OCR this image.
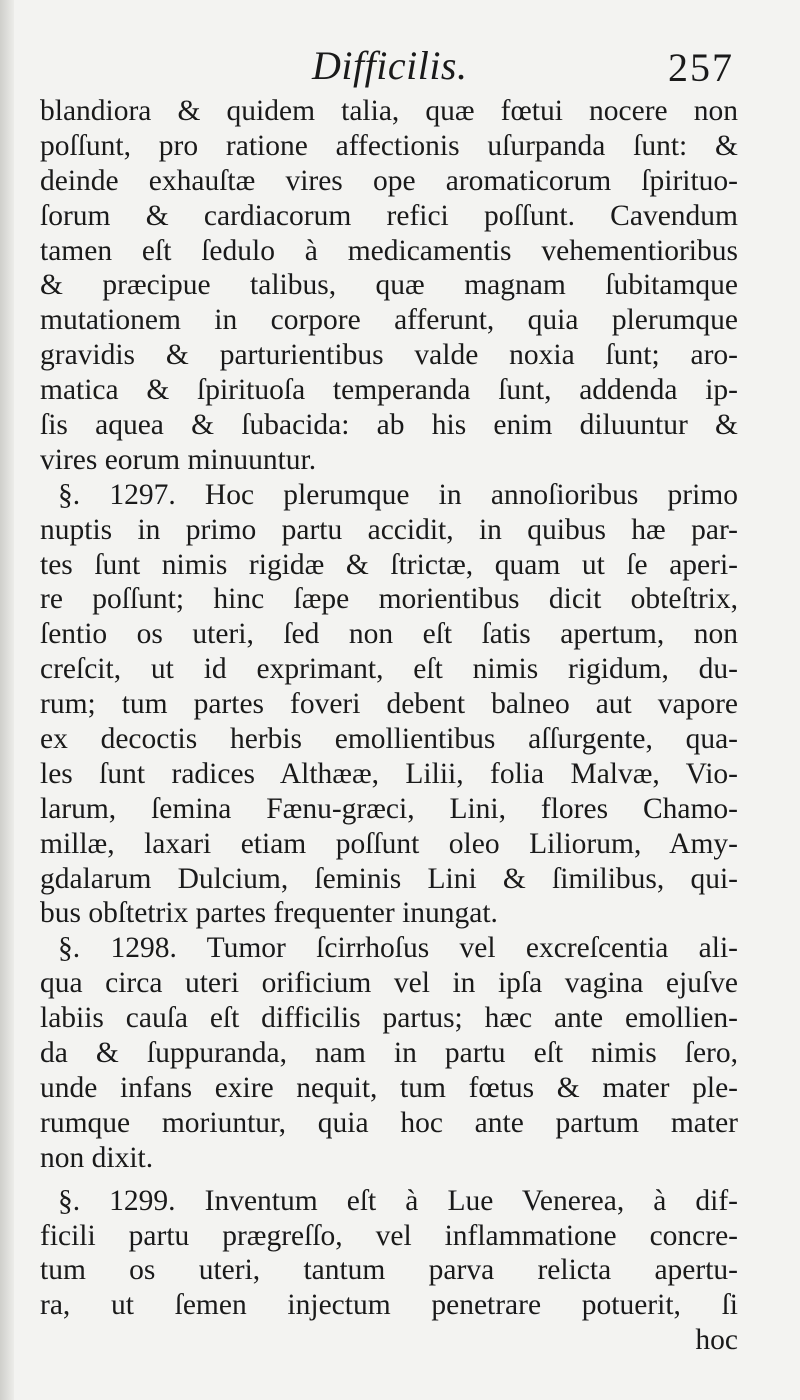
Difficilis.	257
blandiora & quidem talia, quæ fœtui nocere non
poſſunt, pro ratione affectionis uſurpanda ſunt: &
deinde exhauſtæ vires ope aromaticorum ſpirituo-
ſorum & cardiacorum refici poſſunt. Cavendum
tamen eſt ſedulo à medicamentis vehementioribus
& præcipue talibus, quæ magnam ſubitamque
mutationem in corpore afferunt, quia plerumque
gravidis & parturientibus valde noxia ſunt; aro-
matica & ſpirituoſa temperanda ſunt, addenda ip-
ſis aquea & ſubacida: ab his enim diluuntur &
vires eorum minuuntur.
§. 1297. Hoc plerumque in annoſioribus primo
nuptis in primo partu accidit, in quibus hæ par-
tes ſunt nimis rigidæ & ſtrictæ, quam ut ſe aperi-
re poſſunt; hinc ſæpe morientibus dicit obteſtrix,
ſentio os uteri, ſed non eſt ſatis apertum, non
creſcit, ut id exprimant, eſt nimis rigidum, du-
rum; tum partes foveri debent balneo aut vapore
ex decoctis herbis emollientibus aſſurgente, qua-
les ſunt radices Althææ, Lilii, folia Malvæ, Vio-
larum, ſemina Fænu-græci, Lini, flores Chamo-
millæ, laxari etiam poſſunt oleo Liliorum, Amy-
gdalarum Dulcium, ſeminis Lini & ſimilibus, qui-
bus obſtetrix partes frequenter inungat.
§. 1298. Tumor ſcirrhoſus vel excreſcentia ali-
qua circa uteri orificium vel in ipſa vagina ejuſve
labiis cauſa eſt difficilis partus; hæc ante emollien-
da & ſuppuranda, nam in partu eſt nimis ſero,
unde infans exire nequit, tum fœtus & mater ple-
rumque moriuntur, quia hoc ante partum mater
non dixit.
§. 1299. Inventum eſt à Lue Venerea, à dif-
ficili partu prægreſſo, vel inflammatione concre-
tum os uteri, tantum parva relicta apertu-
ra, ut ſemen injectum penetrare potuerit, ſi
hoc
